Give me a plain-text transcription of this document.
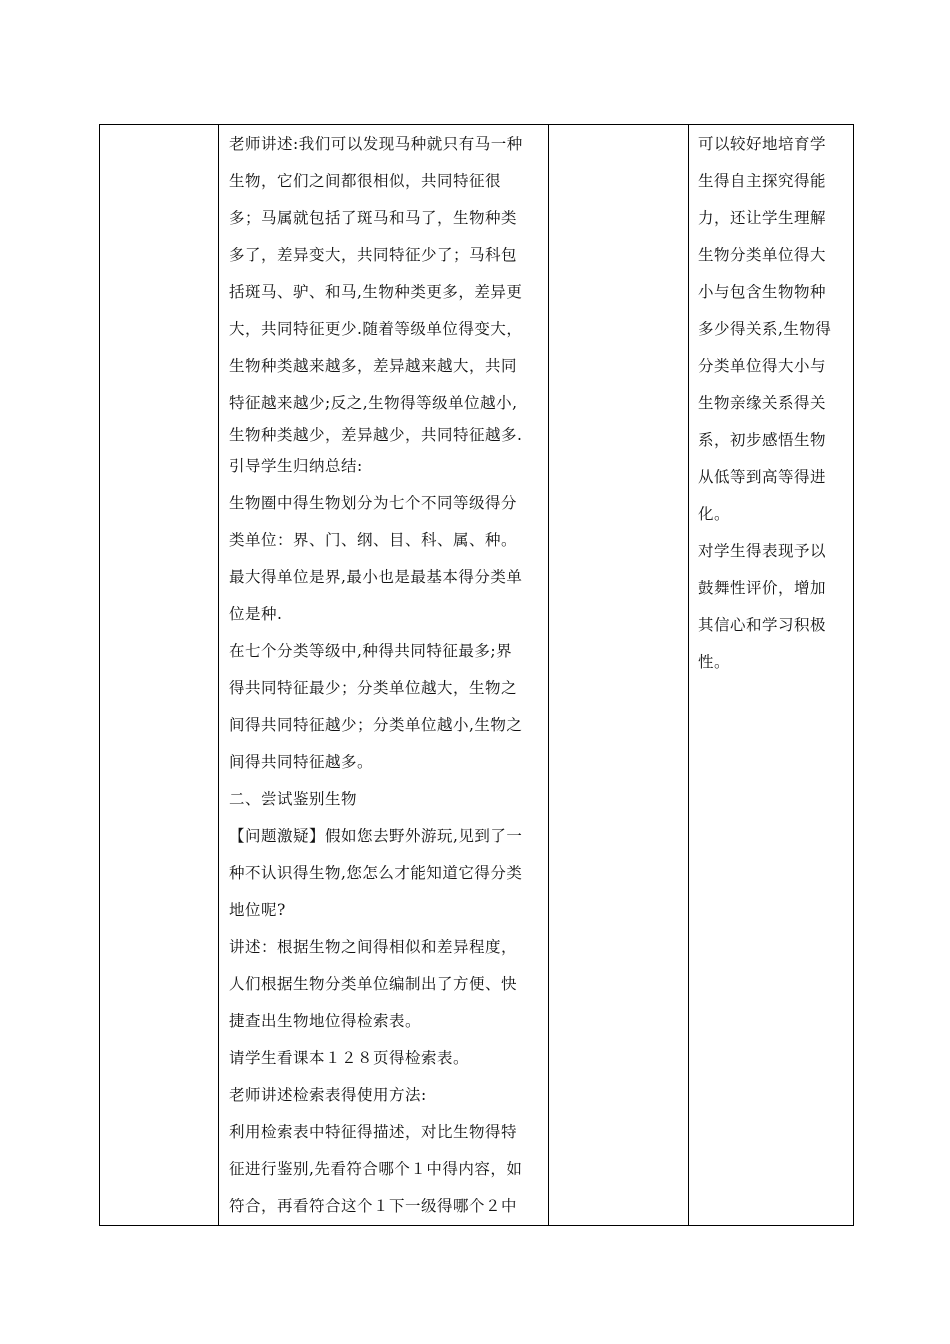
老师讲述:我们可以发现马种就只有马一种
生物，它们之间都很相似，共同特征很
多；马属就包括了斑马和马了，生物种类
多了，差异变大，共同特征少了；马科包
括斑马、驴、和马,生物种类更多，差异更
大，共同特征更少.随着等级单位得变大，
生物种类越来越多，差异越来越大，共同
特征越来越少;反之,生物得等级单位越小,
生物种类越少，差异越少，共同特征越多.
引导学生归纳总结:
生物圈中得生物划分为七个不同等级得分
类单位：界、门、纲、目、科、属、种。
最大得单位是界,最小也是最基本得分类单
位是种.
在七个分类等级中,种得共同特征最多;界
得共同特征最少；分类单位越大，生物之
间得共同特征越少；分类单位越小,生物之
间得共同特征越多。
二、尝试鉴别生物
【问题激疑】假如您去野外游玩,见到了一
种不认识得生物,您怎么才能知道它得分类
地位呢?
讲述：根据生物之间得相似和差异程度，
人们根据生物分类单位编制出了方便、快
捷查出生物地位得检索表。
请学生看课本１２８页得检索表。
老师讲述检索表得使用方法:
利用检索表中特征得描述，对比生物得特
征进行鉴别,先看符合哪个１中得内容，如
符合，再看符合这个１下一级得哪个２中

可以较好地培育学
生得自主探究得能
力，还让学生理解
生物分类单位得大
小与包含生物物种
多少得关系,生物得
分类单位得大小与
生物亲缘关系得关
系，初步感悟生物
从低等到高等得进
化。
对学生得表现予以
鼓舞性评价，增加
其信心和学习积极
性。
